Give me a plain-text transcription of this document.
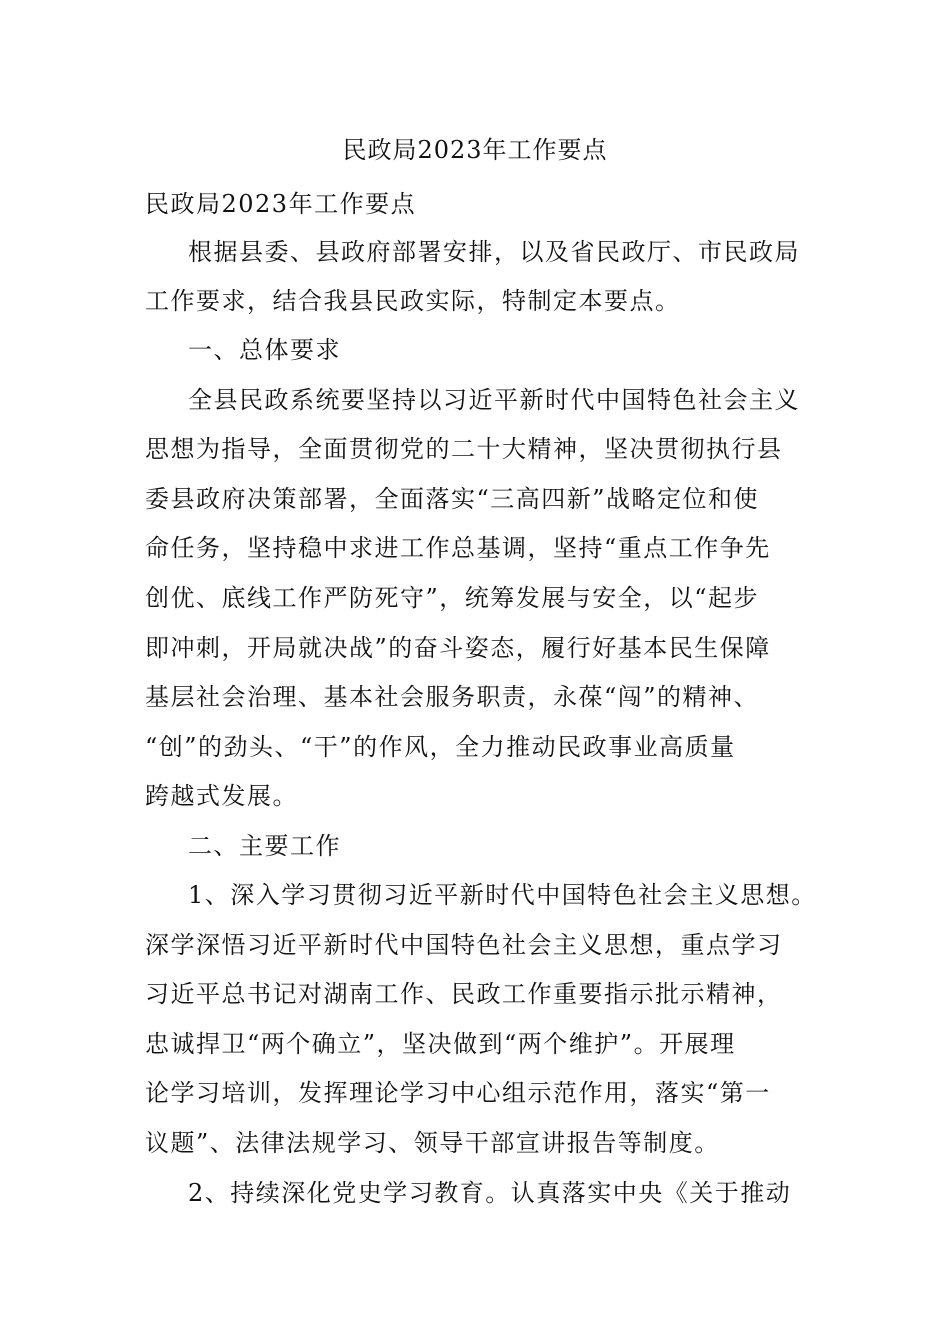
民政局2023年工作要点
民政局2023年工作要点
根据县委、县政府部署安排，以及省民政厅、市民政局
工作要求，结合我县民政实际，特制定本要点。
一、总体要求
全县民政系统要坚持以习近平新时代中国特色社会主义
思想为指导，全面贯彻党的二十大精神，坚决贯彻执行县
委县政府决策部署，全面落实“三高四新”战略定位和使
命任务，坚持稳中求进工作总基调，坚持“重点工作争先
创优、底线工作严防死守”，统筹发展与安全，以“起步
即冲刺，开局就决战”的奋斗姿态，履行好基本民生保障
基层社会治理、基本社会服务职责，永葆“闯”的精神、
“创”的劲头、“干”的作风，全力推动民政事业高质量
跨越式发展。
二、主要工作
1、深入学习贯彻习近平新时代中国特色社会主义思想。
深学深悟习近平新时代中国特色社会主义思想，重点学习
习近平总书记对湖南工作、民政工作重要指示批示精神，
忠诚捍卫“两个确立”，坚决做到“两个维护”。开展理
论学习培训，发挥理论学习中心组示范作用，落实“第一
议题”、法律法规学习、领导干部宣讲报告等制度。
2、持续深化党史学习教育。认真落实中央《关于推动
